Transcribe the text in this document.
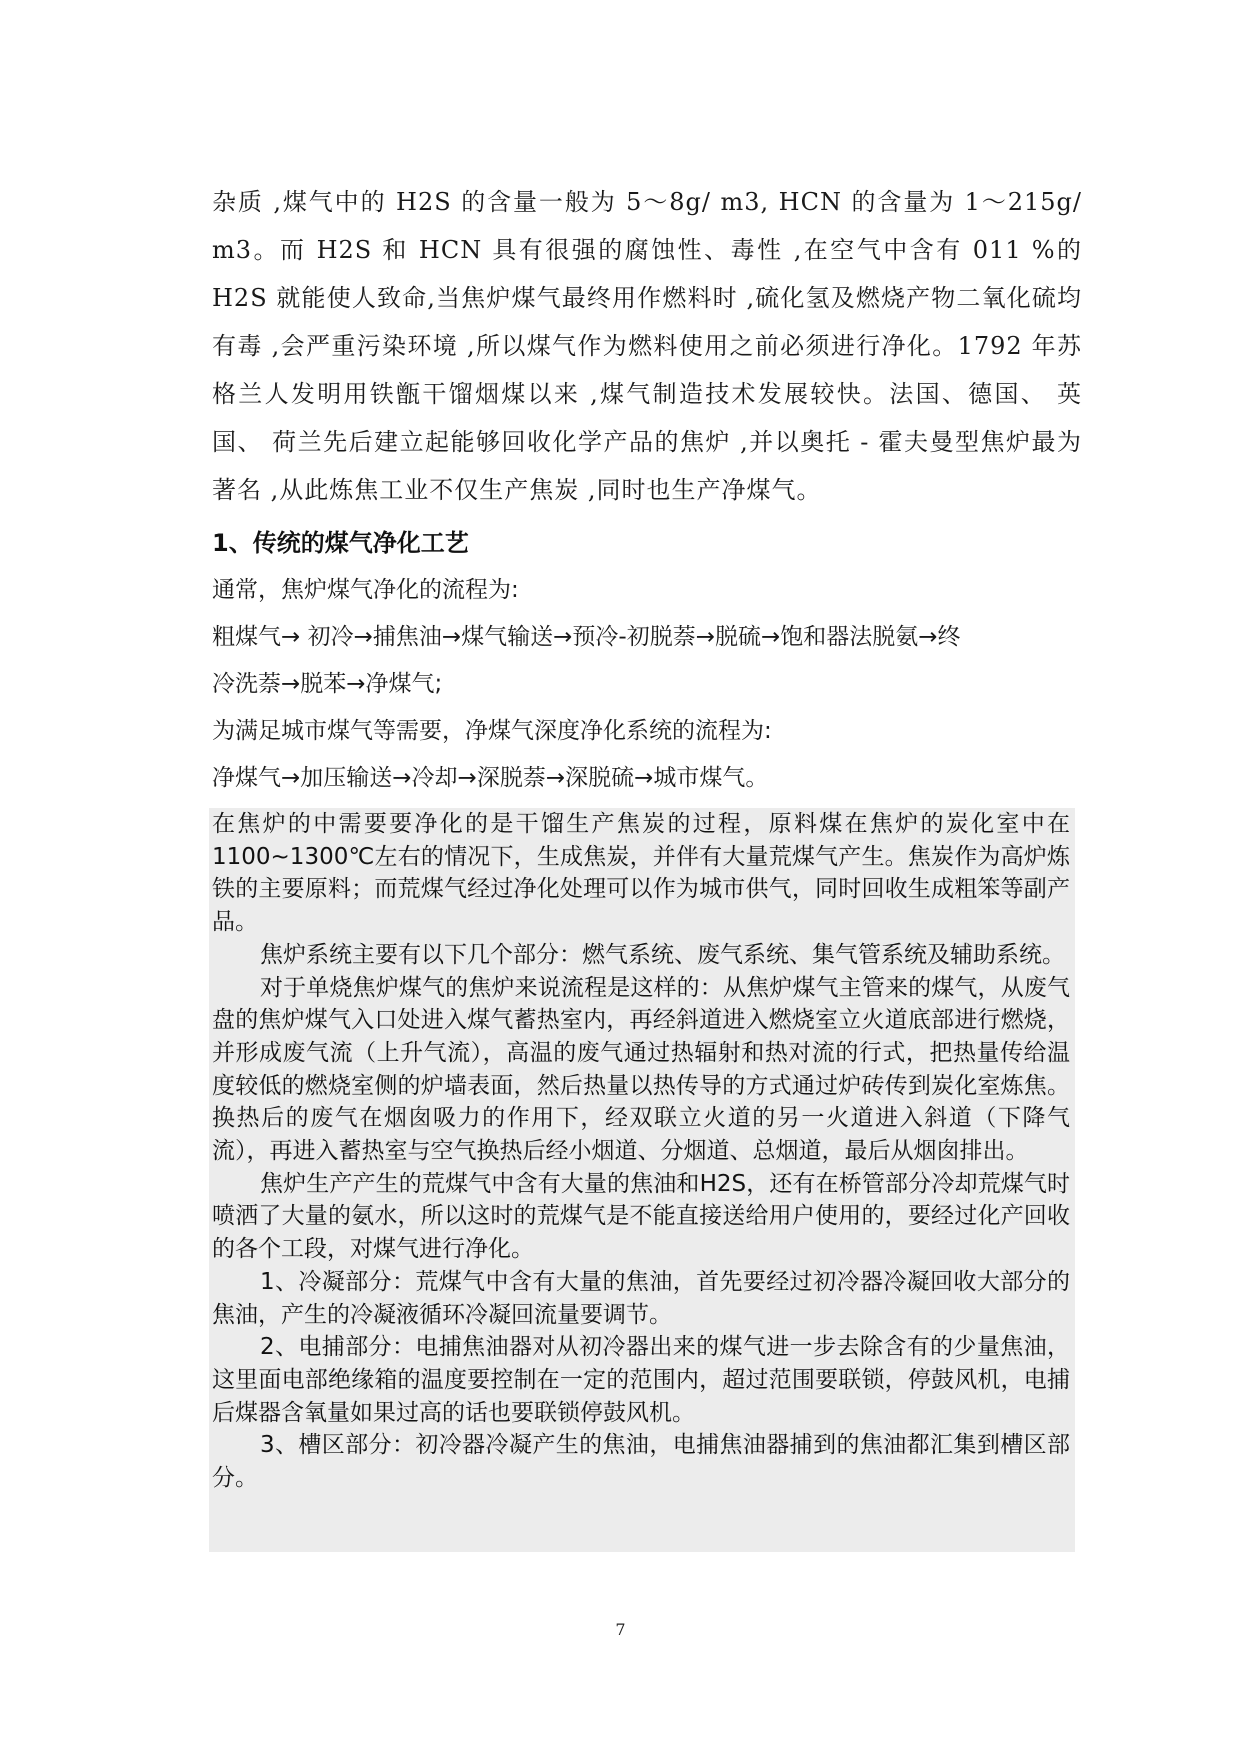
杂质 ,煤气中的 H2S 的含量一般为 5～8g/ m3, HCN 的含量为 1～215g/ m3。而 H2S 和 HCN 具有很强的腐蚀性、毒性 ,在空气中含有 011 %的 H2S 就能使人致命,当焦炉煤气最终用作燃料时 ,硫化氢及燃烧产物二氧化硫均有毒 ,会严重污染环境 ,所以煤气作为燃料使用之前必须进行净化。1792 年苏格兰人发明用铁甑干馏烟煤以来 ,煤气制造技术发展较快。法国、德国、 英国、 荷兰先后建立起能够回收化学产品的焦炉 ,并以奥托 - 霍夫曼型焦炉最为著名 ,从此炼焦工业不仅生产焦炭 ,同时也生产净煤气。

1、传统的煤气净化工艺

通常，焦炉煤气净化的流程为:

粗煤气→ 初冷→捕焦油→煤气输送→预冷-初脱萘→脱硫→饱和器法脱氨→终

冷洗萘→脱苯→净煤气;

为满足城市煤气等需要，净煤气深度净化系统的流程为:

净煤气→加压输送→冷却→深脱萘→深脱硫→城市煤气。

在焦炉的中需要要净化的是干馏生产焦炭的过程，原料煤在焦炉的炭化室中在1100~1300℃左右的情况下，生成焦炭，并伴有大量荒煤气产生。焦炭作为高炉炼铁的主要原料；而荒煤气经过净化处理可以作为城市供气，同时回收生成粗笨等副产品。

焦炉系统主要有以下几个部分：燃气系统、废气系统、集气管系统及辅助系统。

对于单烧焦炉煤气的焦炉来说流程是这样的：从焦炉煤气主管来的煤气，从废气盘的焦炉煤气入口处进入煤气蓄热室内，再经斜道进入燃烧室立火道底部进行燃烧，并形成废气流（上升气流），高温的废气通过热辐射和热对流的行式，把热量传给温度较低的燃烧室侧的炉墙表面，然后热量以热传导的方式通过炉砖传到炭化室炼焦。换热后的废气在烟囱吸力的作用下，经双联立火道的另一火道进入斜道（下降气流），再进入蓄热室与空气换热后经小烟道、分烟道、总烟道，最后从烟囱排出。

焦炉生产产生的荒煤气中含有大量的焦油和H2S，还有在桥管部分冷却荒煤气时喷洒了大量的氨水，所以这时的荒煤气是不能直接送给用户使用的，要经过化产回收的各个工段，对煤气进行净化。

1、冷凝部分：荒煤气中含有大量的焦油，首先要经过初冷器冷凝回收大部分的焦油，产生的冷凝液循环冷凝回流量要调节。

2、电捕部分：电捕焦油器对从初冷器出来的煤气进一步去除含有的少量焦油，这里面电部绝缘箱的温度要控制在一定的范围内，超过范围要联锁，停鼓风机，电捕后煤器含氧量如果过高的话也要联锁停鼓风机。

3、槽区部分：初冷器冷凝产生的焦油，电捕焦油器捕到的焦油都汇集到槽区部分。

7
